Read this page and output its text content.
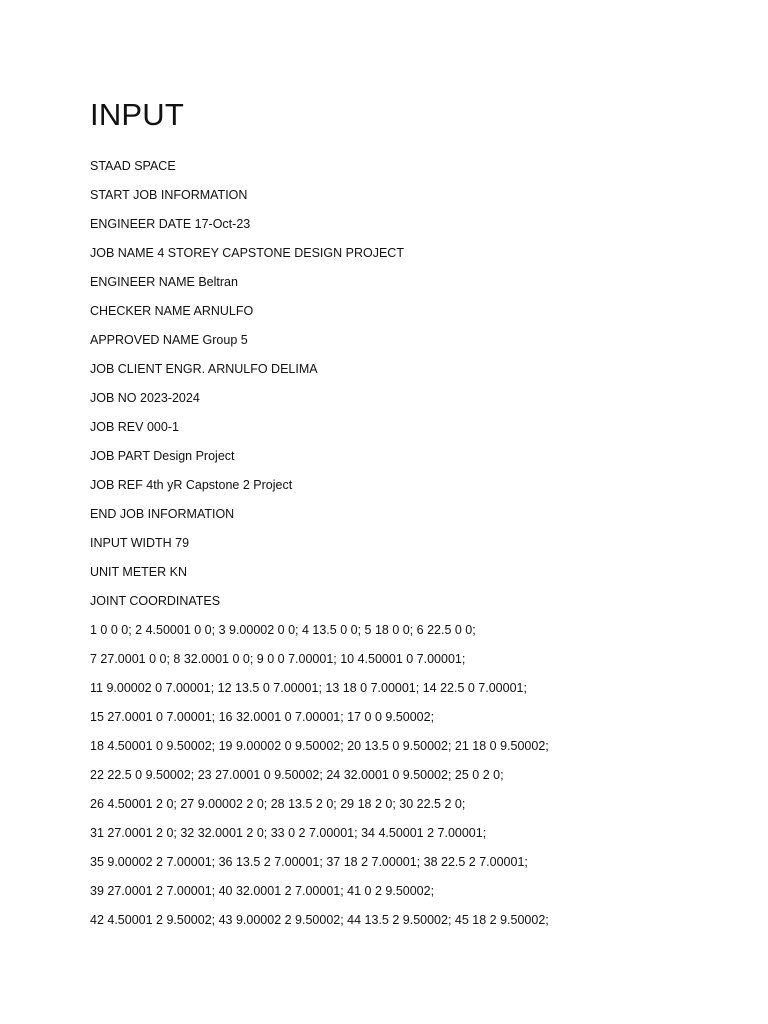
INPUT
STAAD SPACE
START JOB INFORMATION
ENGINEER DATE 17-Oct-23
JOB NAME 4 STOREY CAPSTONE DESIGN PROJECT
ENGINEER NAME Beltran
CHECKER NAME ARNULFO
APPROVED NAME Group 5
JOB CLIENT ENGR. ARNULFO DELIMA
JOB NO 2023-2024
JOB REV 000-1
JOB PART Design Project
JOB REF 4th yR Capstone 2 Project
END JOB INFORMATION
INPUT WIDTH 79
UNIT METER KN
JOINT COORDINATES
1 0 0 0; 2 4.50001 0 0; 3 9.00002 0 0; 4 13.5 0 0; 5 18 0 0; 6 22.5 0 0;
7 27.0001 0 0; 8 32.0001 0 0; 9 0 0 7.00001; 10 4.50001 0 7.00001;
11 9.00002 0 7.00001; 12 13.5 0 7.00001; 13 18 0 7.00001; 14 22.5 0 7.00001;
15 27.0001 0 7.00001; 16 32.0001 0 7.00001; 17 0 0 9.50002;
18 4.50001 0 9.50002; 19 9.00002 0 9.50002; 20 13.5 0 9.50002; 21 18 0 9.50002;
22 22.5 0 9.50002; 23 27.0001 0 9.50002; 24 32.0001 0 9.50002; 25 0 2 0;
26 4.50001 2 0; 27 9.00002 2 0; 28 13.5 2 0; 29 18 2 0; 30 22.5 2 0;
31 27.0001 2 0; 32 32.0001 2 0; 33 0 2 7.00001; 34 4.50001 2 7.00001;
35 9.00002 2 7.00001; 36 13.5 2 7.00001; 37 18 2 7.00001; 38 22.5 2 7.00001;
39 27.0001 2 7.00001; 40 32.0001 2 7.00001; 41 0 2 9.50002;
42 4.50001 2 9.50002; 43 9.00002 2 9.50002; 44 13.5 2 9.50002; 45 18 2 9.50002;
